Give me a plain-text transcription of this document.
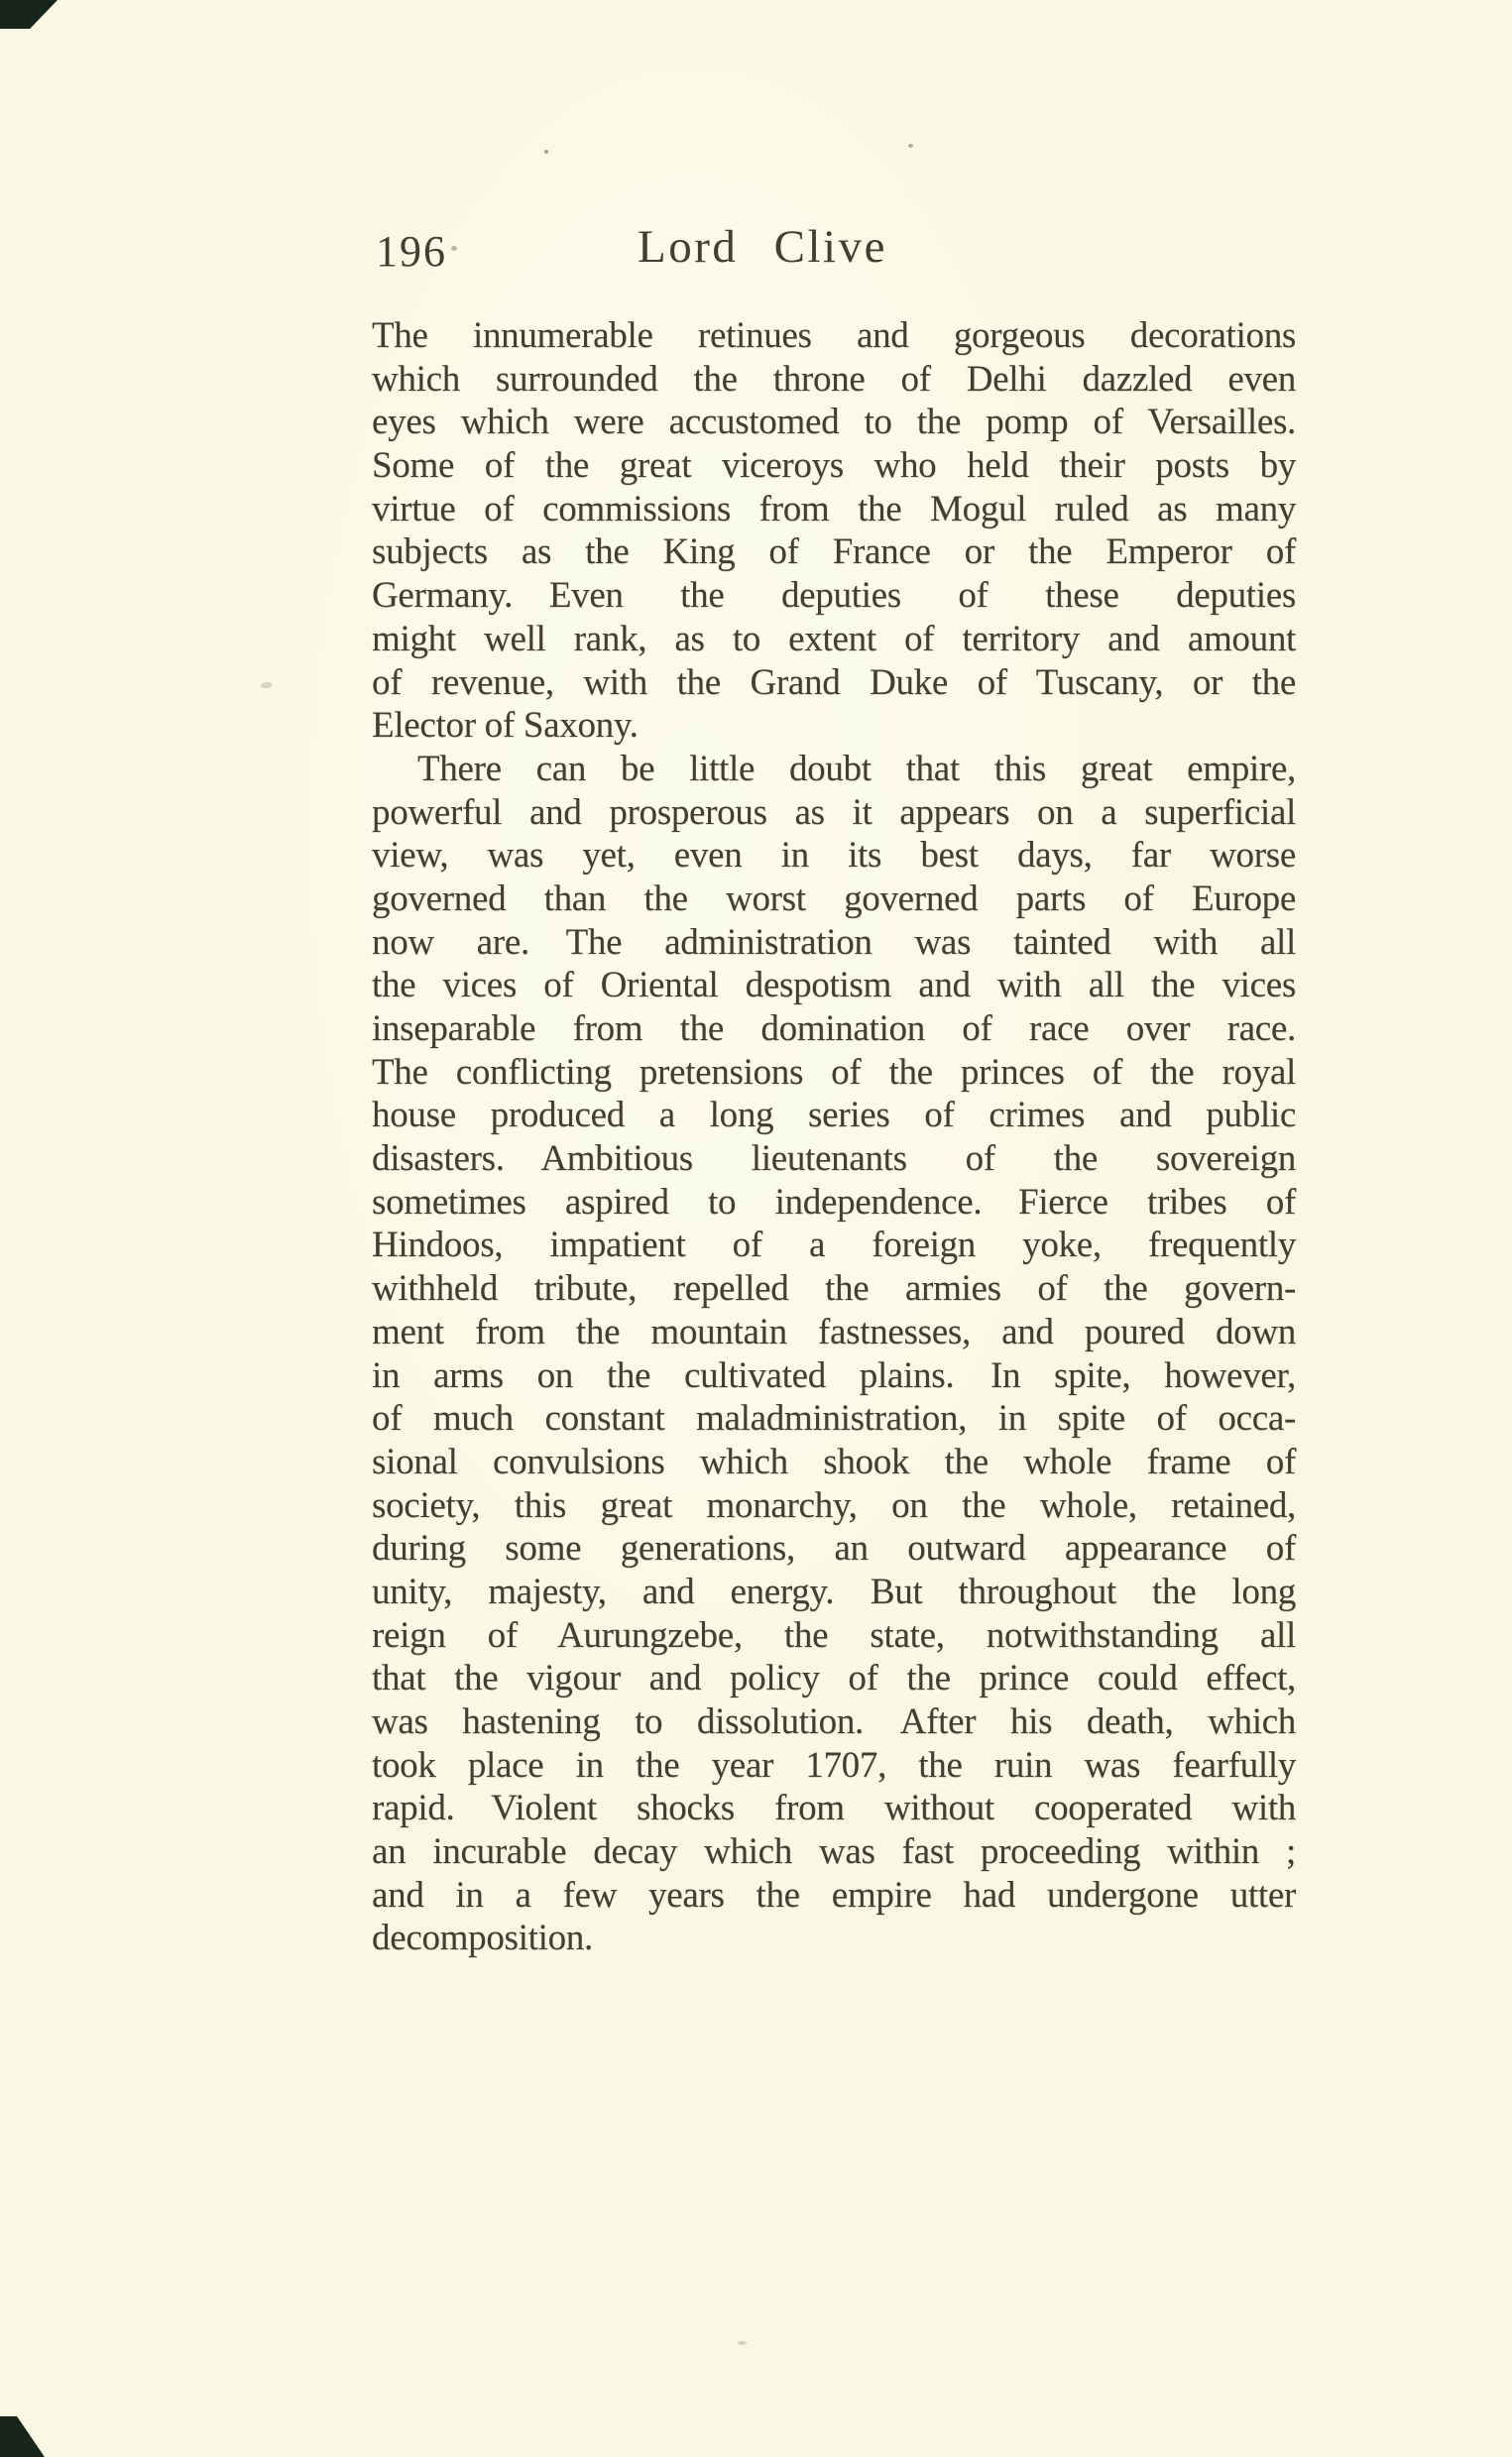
196	Lord Clive
The innumerable retinues and gorgeous decorations
which surrounded the throne of Delhi dazzled even
eyes which were accustomed to the pomp of Versailles.
Some of the great viceroys who held their posts by
virtue of commissions from the Mogul ruled as many
subjects as the King of France or the Emperor of
Germany. Even the deputies of these deputies
might well rank, as to extent of territory and amount
of revenue, with the Grand Duke of Tuscany, or the
Elector of Saxony.
There can be little doubt that this great empire,
powerful and prosperous as it appears on a superficial
view, was yet, even in its best days, far worse
governed than the worst governed parts of Europe
now are. The administration was tainted with all
the vices of Oriental despotism and with all the vices
inseparable from the domination of race over race.
The conflicting pretensions of the princes of the royal
house produced a long series of crimes and public
disasters. Ambitious lieutenants of the sovereign
sometimes aspired to independence. Fierce tribes of
Hindoos, impatient of a foreign yoke, frequently
withheld tribute, repelled the armies of the govern-
ment from the mountain fastnesses, and poured down
in arms on the cultivated plains. In spite, however,
of much constant maladministration, in spite of occa-
sional convulsions which shook the whole frame of
society, this great monarchy, on the whole, retained,
during some generations, an outward appearance of
unity, majesty, and energy. But throughout the long
reign of Aurungzebe, the state, notwithstanding all
that the vigour and policy of the prince could effect,
was hastening to dissolution. After his death, which
took place in the year 1707, the ruin was fearfully
rapid. Violent shocks from without cooperated with
an incurable decay which was fast proceeding within ;
and in a few years the empire had undergone utter
decomposition.
